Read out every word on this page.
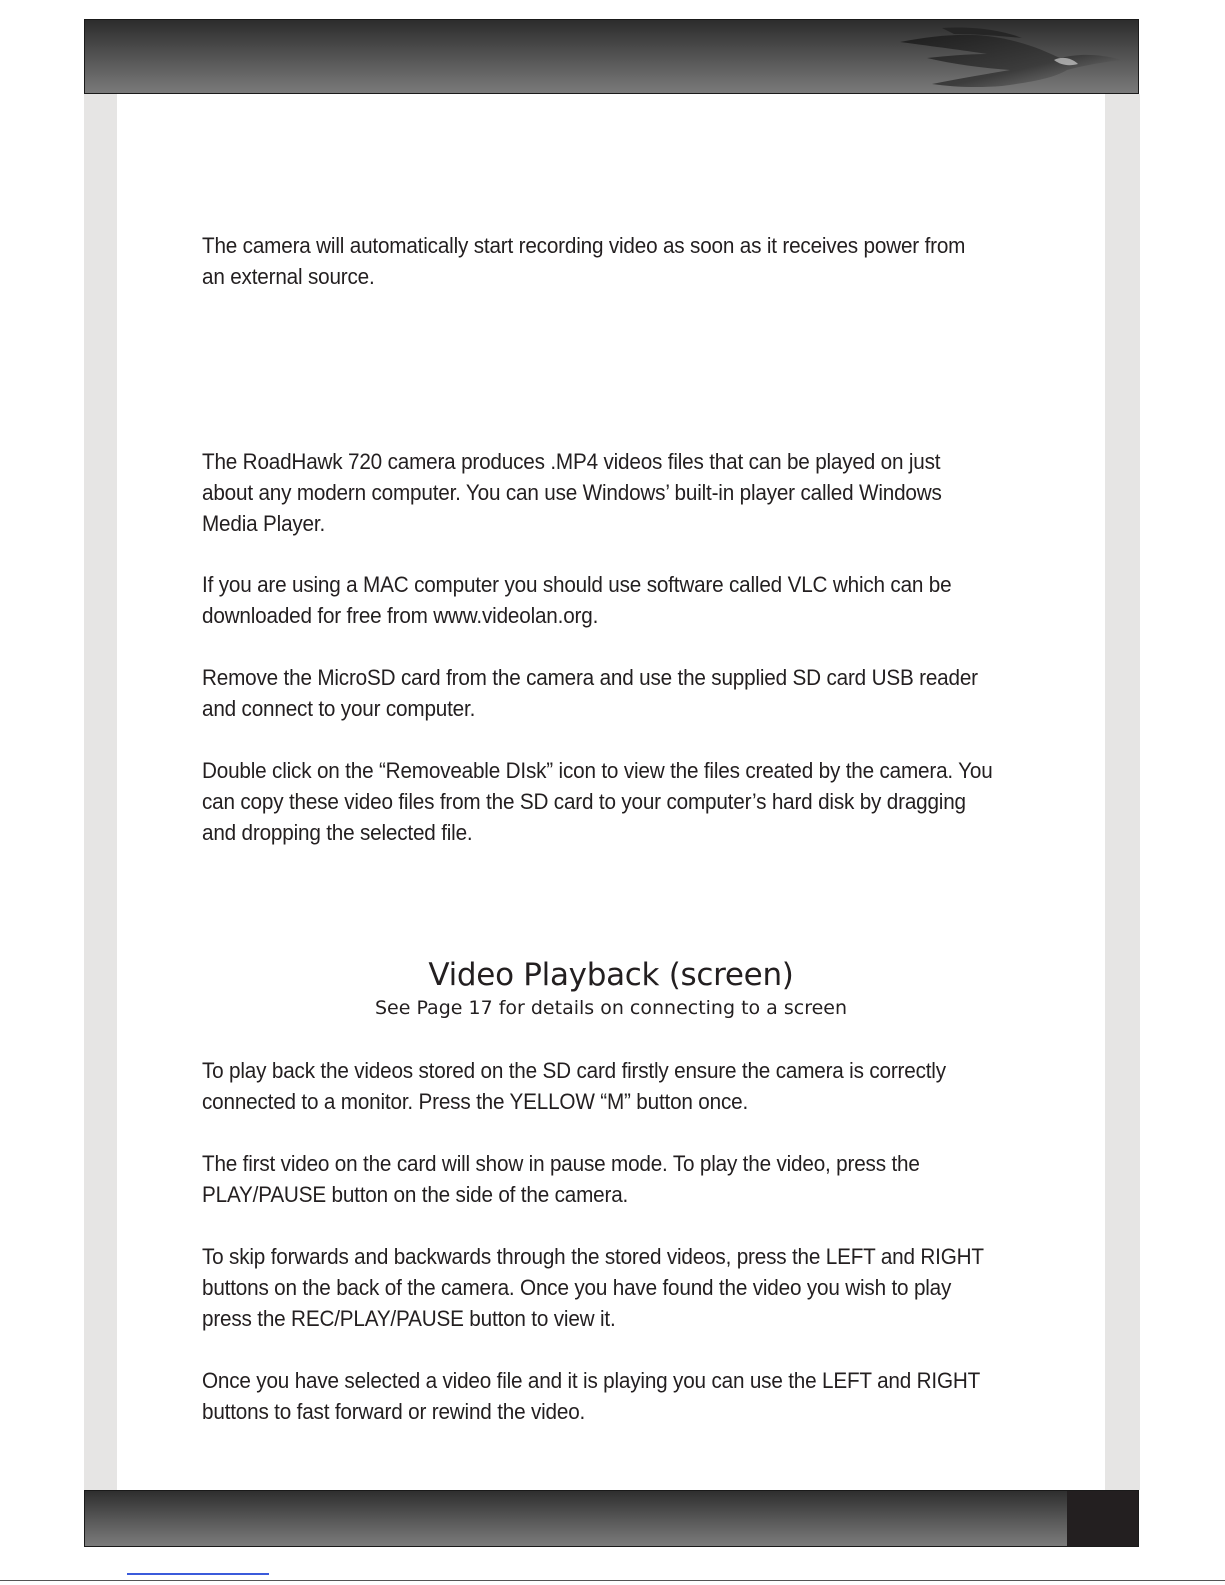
The camera will automatically start recording video as soon as it receives power from an external source.

The RoadHawk 720 camera produces .MP4 videos files that can be played on just about any modern computer. You can use Windows’ built-in player called Windows Media Player.

If you are using a MAC computer you should use software called VLC which can be downloaded for free from www.videolan.org.

Remove the MicroSD card from the camera and use the supplied SD card USB reader and connect to your computer.

Double click on the “Removeable DIsk” icon to view the files created by the camera. You can copy these video files from the SD card to your computer’s hard disk by dragging and dropping the selected file.

Video Playback (screen)

See Page 17 for details on connecting to a screen

To play back the videos stored on the SD card firstly ensure the camera is correctly connected to a monitor. Press the YELLOW “M” button once.

The first video on the card will show in pause mode. To play the video, press the PLAY/PAUSE button on the side of the camera.

To skip forwards and backwards through the stored videos, press the LEFT and RIGHT buttons on the back of the camera. Once you have found the video you wish to play press the REC/PLAY/PAUSE button to view it.

Once you have selected a video file and it is playing you can use the LEFT and RIGHT buttons to fast forward or rewind the video.
